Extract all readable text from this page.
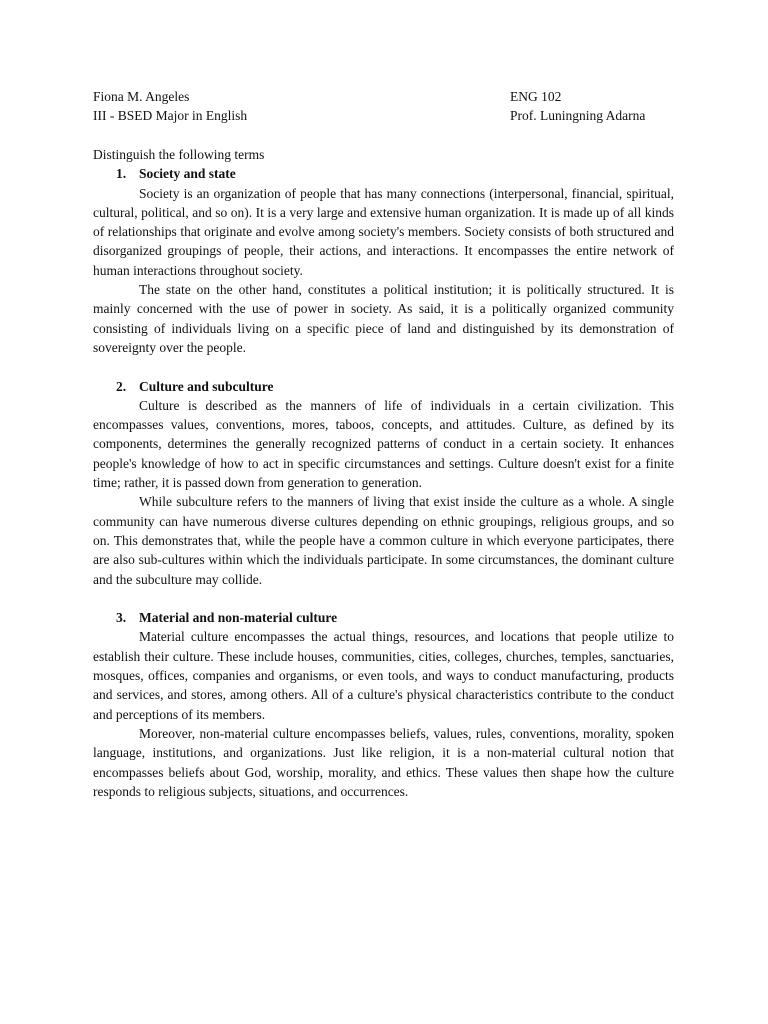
Fiona M. Angeles	ENG 102
III - BSED Major in English	Prof. Luningning Adarna

Distinguish the following terms

1. Society and state

Society is an organization of people that has many connections (interpersonal, financial, spiritual, cultural, political, and so on). It is a very large and extensive human organization. It is made up of all kinds of relationships that originate and evolve among society's members. Society consists of both structured and disorganized groupings of people, their actions, and interactions. It encompasses the entire network of human interactions throughout society.

The state on the other hand, constitutes a political institution; it is politically structured. It is mainly concerned with the use of power in society. As said, it is a politically organized community consisting of individuals living on a specific piece of land and distinguished by its demonstration of sovereignty over the people.

2. Culture and subculture

Culture is described as the manners of life of individuals in a certain civilization. This encompasses values, conventions, mores, taboos, concepts, and attitudes. Culture, as defined by its components, determines the generally recognized patterns of conduct in a certain society. It enhances people's knowledge of how to act in specific circumstances and settings. Culture doesn't exist for a finite time; rather, it is passed down from generation to generation.

While subculture refers to the manners of living that exist inside the culture as a whole. A single community can have numerous diverse cultures depending on ethnic groupings, religious groups, and so on. This demonstrates that, while the people have a common culture in which everyone participates, there are also sub-cultures within which the individuals participate. In some circumstances, the dominant culture and the subculture may collide.

3. Material and non-material culture

Material culture encompasses the actual things, resources, and locations that people utilize to establish their culture. These include houses, communities, cities, colleges, churches, temples, sanctuaries, mosques, offices, companies and organisms, or even tools, and ways to conduct manufacturing, products and services, and stores, among others. All of a culture's physical characteristics contribute to the conduct and perceptions of its members.

Moreover, non-material culture encompasses beliefs, values, rules, conventions, morality, spoken language, institutions, and organizations. Just like religion, it is a non-material cultural notion that encompasses beliefs about God, worship, morality, and ethics. These values then shape how the culture responds to religious subjects, situations, and occurrences.
